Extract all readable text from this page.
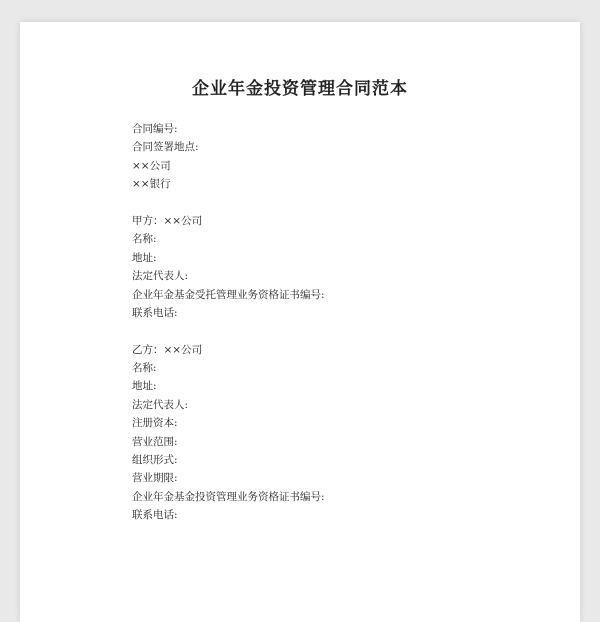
企业年金投资管理合同范本
合同编号:
合同签署地点:
××公司
××银行
甲方：××公司
名称:
地址:
法定代表人:
企业年金基金受托管理业务资格证书编号:
联系电话:
乙方：××公司
名称:
地址:
法定代表人:
注册资本:
营业范围:
组织形式:
营业期限:
企业年金基金投资管理业务资格证书编号:
联系电话:
